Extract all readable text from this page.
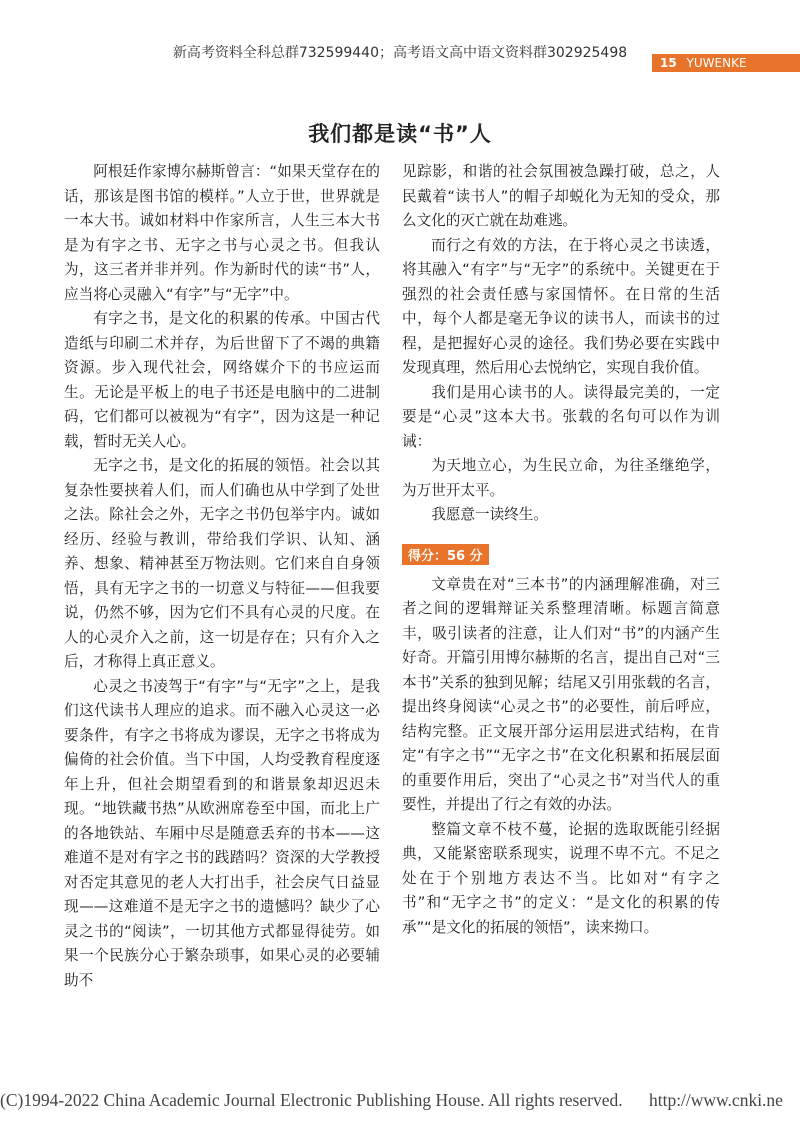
新高考资料全科总群732599440；高考语文高中语文资料群302925498
15 YUWENKE
我们都是读“书”人

阿根廷作家博尔赫斯曾言：“如果天堂存在的话，那该是图书馆的模样。”人立于世，世界就是一本大书。诚如材料中作家所言，人生三本大书是为有字之书、无字之书与心灵之书。但我认为，这三者并非并列。作为新时代的读“书”人，应当将心灵融入“有字”与“无字”中。

有字之书，是文化的积累的传承。中国古代造纸与印刷二术并存，为后世留下了不竭的典籍资源。步入现代社会，网络媒介下的书应运而生。无论是平板上的电子书还是电脑中的二进制码，它们都可以被视为“有字”，因为这是一种记载，暂时无关人心。

无字之书，是文化的拓展的领悟。社会以其复杂性要挟着人们，而人们确也从中学到了处世之法。除社会之外，无字之书仍包举宇内。诚如经历、经验与教训，带给我们学识、认知、涵养、想象、精神甚至万物法则。它们来自自身领悟，具有无字之书的一切意义与特征——但我要说，仍然不够，因为它们不具有心灵的尺度。在人的心灵介入之前，这一切是存在；只有介入之后，才称得上真正意义。

心灵之书凌驾于“有字”与“无字”之上，是我们这代读书人理应的追求。而不融入心灵这一必要条件，有字之书将成为谬误，无字之书将成为偏倚的社会价值。当下中国，人均受教育程度逐年上升，但社会期望看到的和谐景象却迟迟未现。“地铁藏书热”从欧洲席卷至中国，而北上广的各地铁站、车厢中尽是随意丢弃的书本——这难道不是对有字之书的践踏吗？资深的大学教授对否定其意见的老人大打出手，社会戾气日益显现——这难道不是无字之书的遗憾吗？缺少了心灵之书的“阅读”，一切其他方式都显得徒劳。如果一个民族分心于繁杂琐事，如果心灵的必要辅助不

见踪影，和谐的社会氛围被急躁打破，总之，人民戴着“读书人”的帽子却蜕化为无知的受众，那么文化的灭亡就在劫难逃。

而行之有效的方法，在于将心灵之书读透，将其融入“有字”与“无字”的系统中。关键更在于强烈的社会责任感与家国情怀。在日常的生活中，每个人都是毫无争议的读书人，而读书的过程，是把握好心灵的途径。我们势必要在实践中发现真理，然后用心去悦纳它，实现自我价值。

我们是用心读书的人。读得最完美的，一定要是“心灵”这本大书。张载的名句可以作为训诫：

为天地立心，为生民立命，为往圣继绝学，为万世开太平。

我愿意一读终生。

得分：56 分

文章贵在对“三本书”的内涵理解准确，对三者之间的逻辑辩证关系整理清晰。标题言简意丰，吸引读者的注意，让人们对“书”的内涵产生好奇。开篇引用博尔赫斯的名言，提出自己对“三本书”关系的独到见解；结尾又引用张载的名言，提出终身阅读“心灵之书”的必要性，前后呼应，结构完整。正文展开部分运用层进式结构，在肯定“有字之书”“无字之书”在文化积累和拓展层面的重要作用后，突出了“心灵之书”对当代人的重要性，并提出了行之有效的办法。

整篇文章不枝不蔓，论据的选取既能引经据典，又能紧密联系现实，说理不卑不亢。不足之处在于个别地方表达不当。比如对“有字之书”和“无字之书”的定义：“是文化的积累的传承”“是文化的拓展的领悟”，读来拗口。

(C)1994-2022 China Academic Journal Electronic Publishing House. All rights reserved. http://www.cnki.ne
